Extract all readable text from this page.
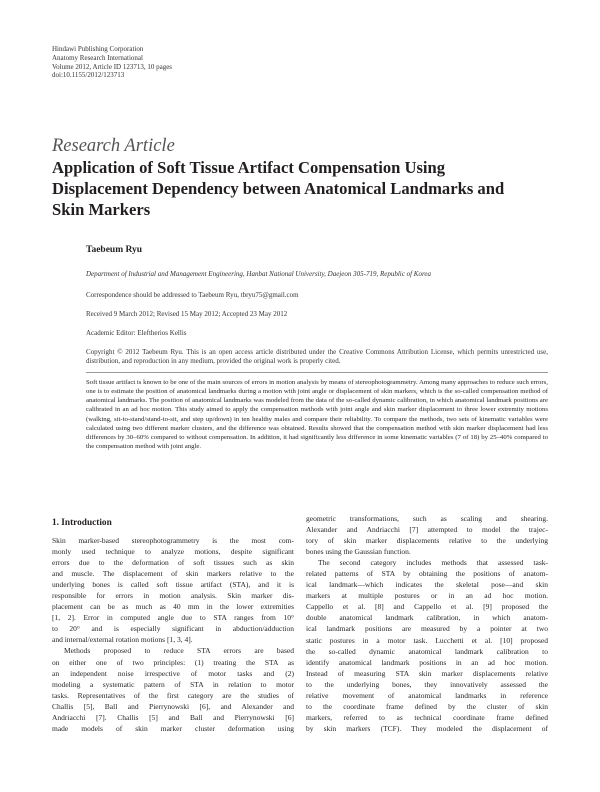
Hindawi Publishing Corporation
Anatomy Research International
Volume 2012, Article ID 123713, 10 pages
doi:10.1155/2012/123713
Research Article
Application of Soft Tissue Artifact Compensation Using
Displacement Dependency between Anatomical Landmarks and
Skin Markers
Taebeum Ryu
Department of Industrial and Management Engineering, Hanbat National University, Daejeon 305-719, Republic of Korea
Correspondence should be addressed to Taebeum Ryu, tbryu75@gmail.com
Received 9 March 2012; Revised 15 May 2012; Accepted 23 May 2012
Academic Editor: Eleftherios Kellis
Copyright © 2012 Taebeum Ryu. This is an open access article distributed under the Creative Commons Attribution License, which permits unrestricted use, distribution, and reproduction in any medium, provided the original work is properly cited.
Soft tissue artifact is known to be one of the main sources of errors in motion analysis by means of stereophotogrammetry. Among many approaches to reduce such errors, one is to estimate the position of anatomical landmarks during a motion with joint angle or displacement of skin markers, which is the so-called compensation method of anatomical landmarks. The position of anatomical landmarks was modeled from the data of the so-called dynamic calibration, in which anatomical landmark positions are calibrated in an ad hoc motion. This study aimed to apply the compensation methods with joint angle and skin marker displacement to three lower extremity motions (walking, sit-to-stand/stand-to-sit, and step up/down) in ten healthy males and compare their reliability. To compare the methods, two sets of kinematic variables were calculated using two different marker clusters, and the difference was obtained. Results showed that the compensation method with skin marker displacement had less differences by 30–60% compared to without compensation. In addition, it had significantly less difference in some kinematic variables (7 of 18) by 25–40% compared to the compensation method with joint angle.
1. Introduction

Skin marker-based stereophotogrammetry is the most com-

monly used technique to analyze motions, despite significant

errors due to the deformation of soft tissues such as skin

and muscle. The displacement of skin markers relative to the

underlying bones is called soft tissue artifact (STA), and it is

responsible for errors in motion analysis. Skin marker dis-

placement can be as much as 40 mm in the lower extremities

[1, 2]. Error in computed angle due to STA ranges from 10°

to 20° and is especially significant in abduction/adduction

and internal/external rotation motions [1, 3, 4].

Methods proposed to reduce STA errors are based

on either one of two principles: (1) treating the STA as

an independent noise irrespective of motor tasks and (2)

modeling a systematic pattern of STA in relation to motor

tasks. Representatives of the first category are the studies of

Challis [5], Ball and Pierrynowski [6], and Alexander and

Andriacchi [7]. Challis [5] and Ball and Pierrynowski [6]

made models of skin marker cluster deformation using

geometric transformations, such as scaling and shearing.

Alexander and Andriacchi [7] attempted to model the trajec-

tory of skin marker displacements relative to the underlying

bones using the Gaussian function.

The second category includes methods that assessed task-

related patterns of STA by obtaining the positions of anatom-

ical landmark—which indicates the skeletal pose—and skin

markers at multiple postures or in an ad hoc motion.

Cappello et al. [8] and Cappello et al. [9] proposed the

double anatomical landmark calibration, in which anatom-

ical landmark positions are measured by a pointer at two

static postures in a motor task. Lucchetti et al. [10] proposed

the so-called dynamic anatomical landmark calibration to

identify anatomical landmark positions in an ad hoc motion.

Instead of measuring STA skin marker displacements relative

to the underlying bones, they innovatively assessed the

relative movement of anatomical landmarks in reference

to the coordinate frame defined by the cluster of skin

markers, referred to as technical coordinate frame defined

by skin markers (TCF). They modeled the displacement of
